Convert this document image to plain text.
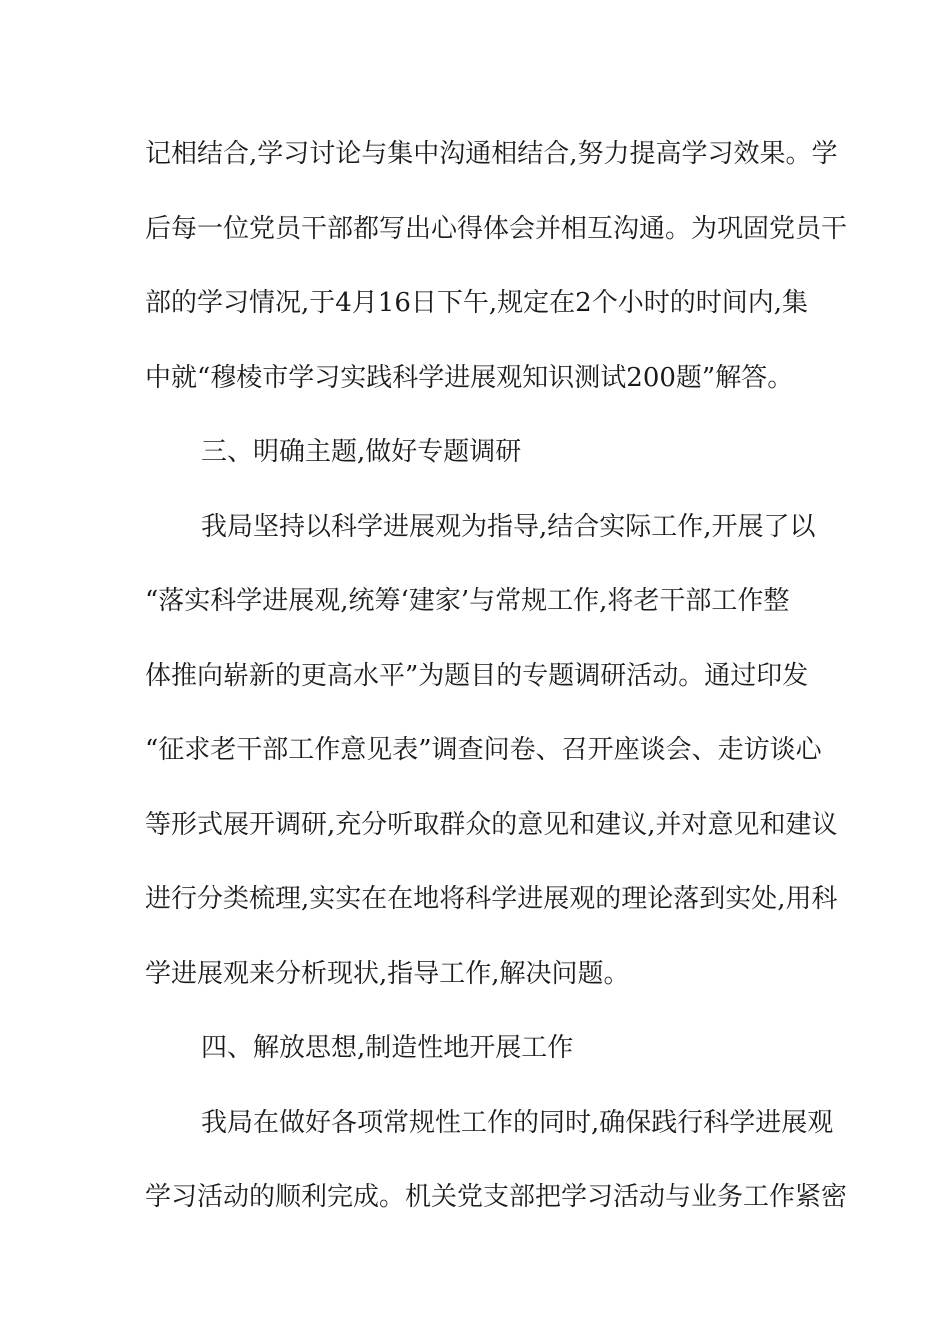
记相结合,学习讨论与集中沟通相结合,努力提高学习效果。学
后每一位党员干部都写出心得体会并相互沟通。为巩固党员干
部的学习情况,于4月16日下午,规定在2个小时的时间内,集
中就“穆棱市学习实践科学进展观知识测试200题”解答。
三、明确主题,做好专题调研
我局坚持以科学进展观为指导,结合实际工作,开展了以
“落实科学进展观,统筹‘建家’与常规工作,将老干部工作整
体推向崭新的更高水平”为题目的专题调研活动。通过印发
“征求老干部工作意见表”调查问卷、召开座谈会、走访谈心
等形式展开调研,充分听取群众的意见和建议,并对意见和建议
进行分类梳理,实实在在地将科学进展观的理论落到实处,用科
学进展观来分析现状,指导工作,解决问题。
四、解放思想,制造性地开展工作
我局在做好各项常规性工作的同时,确保践行科学进展观
学习活动的顺利完成。机关党支部把学习活动与业务工作紧密
